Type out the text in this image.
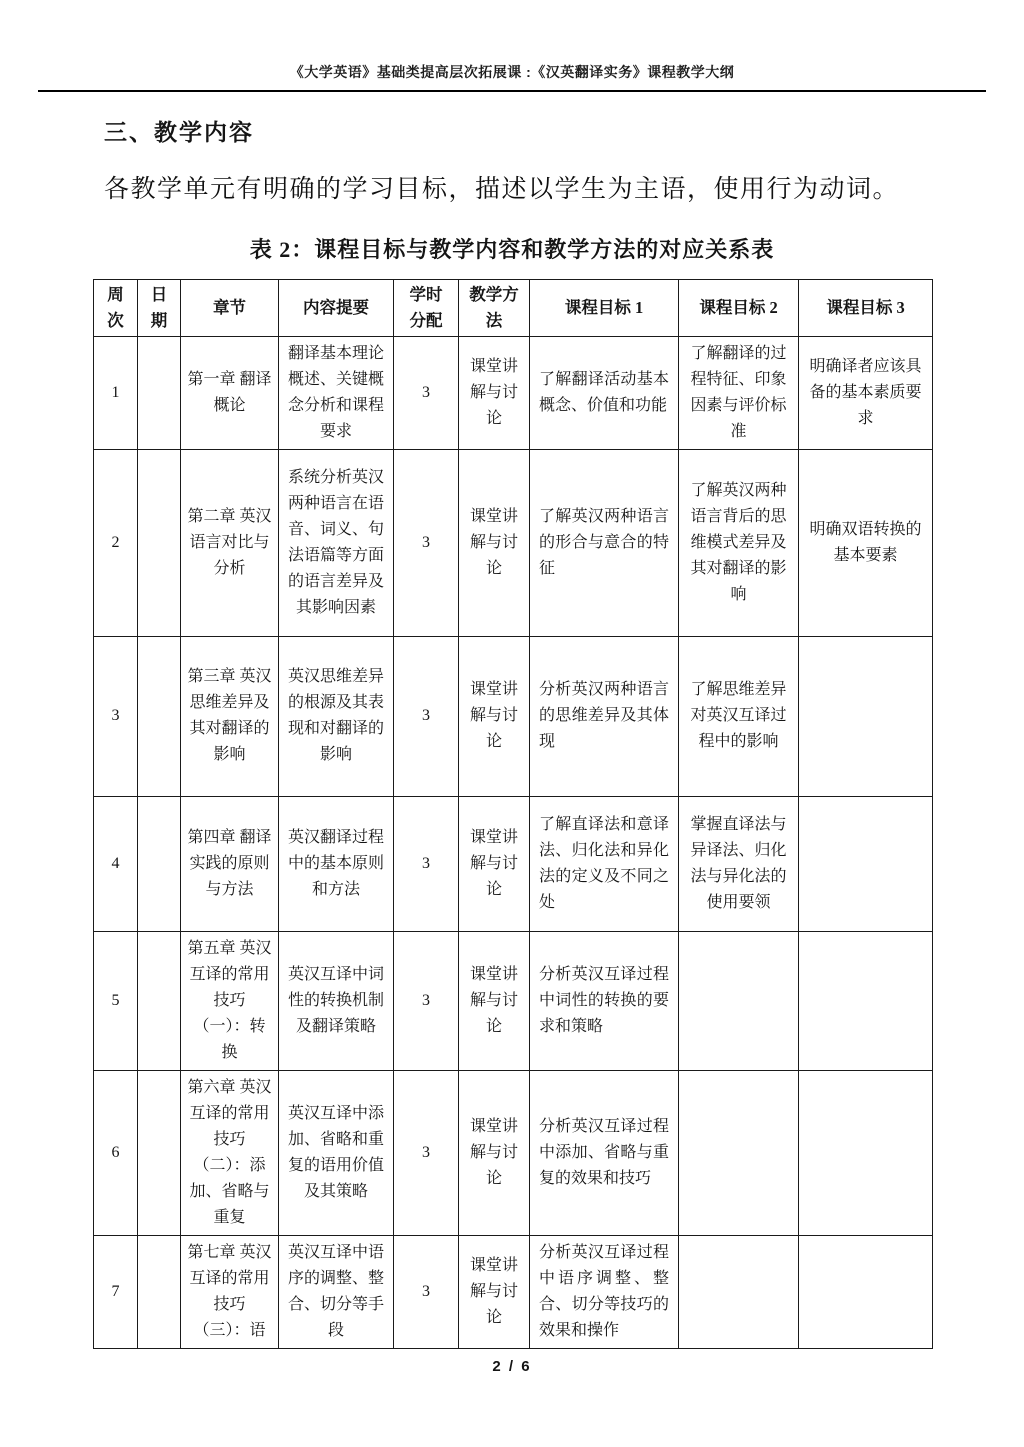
《大学英语》基础类提高层次拓展课 :《汉英翻译实务》课程教学大纲
三、教学内容

各教学单元有明确的学习目标，描述以学生为主语，使用行为动词。

表 2：课程目标与教学内容和教学方法的对应关系表
周次	日期	章节	内容提要	学时分配	教学方法	课程目标 1	课程目标 2	课程目标 3
1		第一章 翻译概论	翻译基本理论概述、关键概念分析和课程要求	3	课堂讲解与讨论	了解翻译活动基本概念、价值和功能	了解翻译的过程特征、印象因素与评价标准	明确译者应该具备的基本素质要求
2		第二章 英汉语言对比与分析	系统分析英汉两种语言在语音、词义、句法语篇等方面的语言差异及其影响因素	3	课堂讲解与讨论	了解英汉两种语言的形合与意合的特征	了解英汉两种语言背后的思维模式差异及其对翻译的影响	明确双语转换的基本要素
3		第三章 英汉思维差异及其对翻译的影响	英汉思维差异的根源及其表现和对翻译的影响	3	课堂讲解与讨论	分析英汉两种语言的思维差异及其体现	了解思维差异对英汉互译过程中的影响	
4		第四章 翻译实践的原则与方法	英汉翻译过程中的基本原则和方法	3	课堂讲解与讨论	了解直译法和意译法、归化法和异化法的定义及不同之处	掌握直译法与异译法、归化法与异化法的使用要领	
5		第五章 英汉互译的常用技巧（一）：转换	英汉互译中词性的转换机制及翻译策略	3	课堂讲解与讨论	分析英汉互译过程中词性的转换的要求和策略		
6		第六章 英汉互译的常用技巧（二）：添加、省略与重复	英汉互译中添加、省略和重复的语用价值及其策略	3	课堂讲解与讨论	分析英汉互译过程中添加、省略与重复的效果和技巧		
7		第七章 英汉互译的常用技巧（三）：语	英汉互译中语序的调整、整合、切分等手段	3	课堂讲解与讨论	分析英汉互译过程中语序调整、整合、切分等技巧的效果和操作		
2 / 6
